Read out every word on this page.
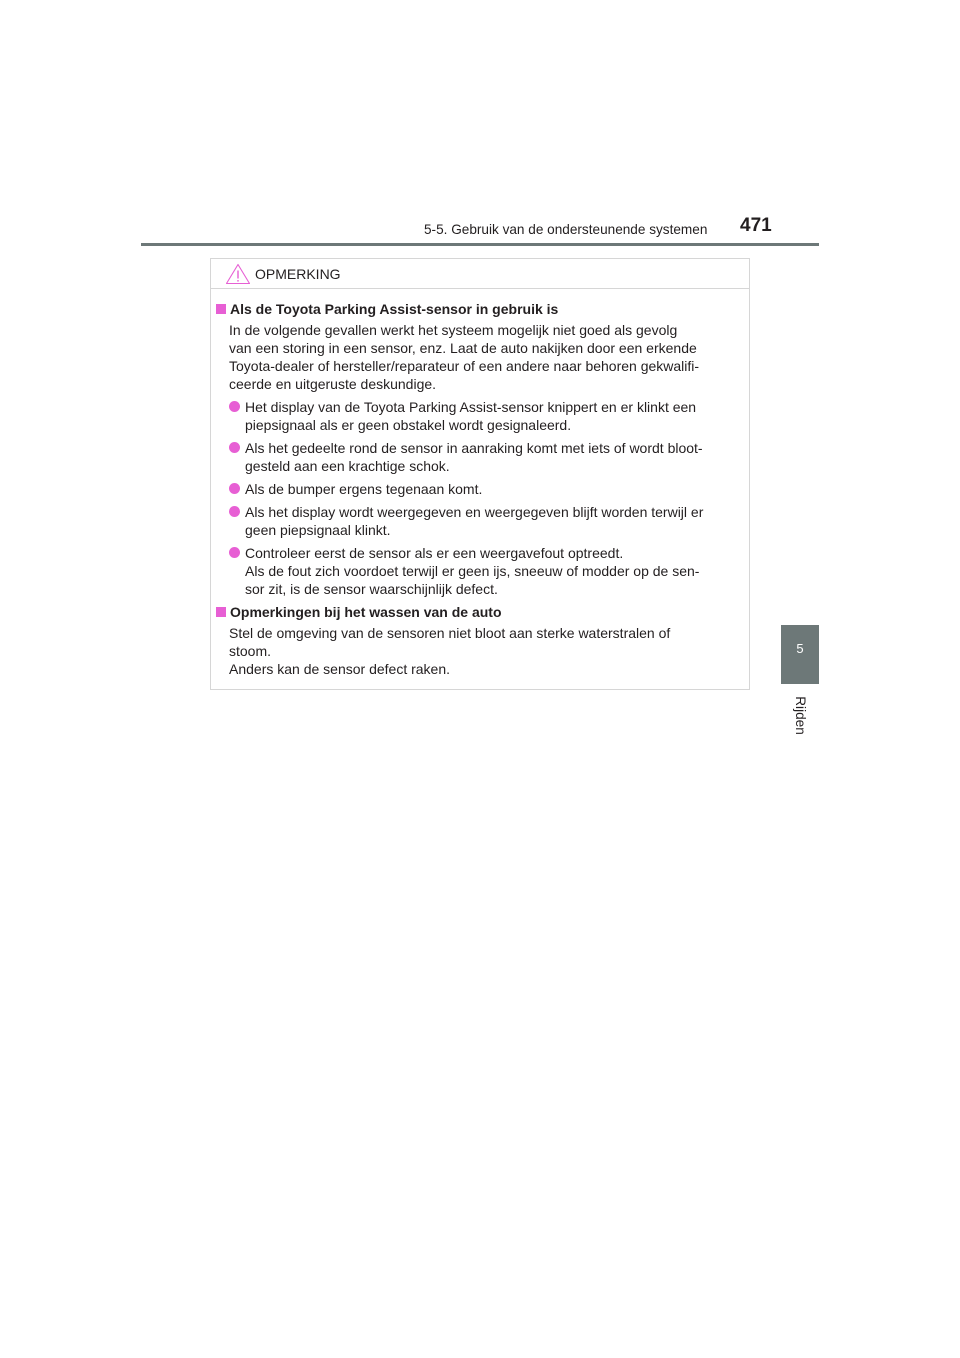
5-5. Gebruik van de ondersteunende systemen 471
5
Rijden
OPMERKING
Als de Toyota Parking Assist-sensor in gebruik is
In de volgende gevallen werkt het systeem mogelijk niet goed als gevolg
van een storing in een sensor, enz. Laat de auto nakijken door een erkende
Toyota-dealer of hersteller/reparateur of een andere naar behoren gekwalifi-
ceerde en uitgeruste deskundige.
Het display van de Toyota Parking Assist-sensor knippert en er klinkt een
piepsignaal als er geen obstakel wordt gesignaleerd.
Als het gedeelte rond de sensor in aanraking komt met iets of wordt bloot-
gesteld aan een krachtige schok.
Als de bumper ergens tegenaan komt.
Als het display wordt weergegeven en weergegeven blijft worden terwijl er
geen piepsignaal klinkt.
Controleer eerst de sensor als er een weergavefout optreedt.
Als de fout zich voordoet terwijl er geen ijs, sneeuw of modder op de sen-
sor zit, is de sensor waarschijnlijk defect.
Opmerkingen bij het wassen van de auto
Stel de omgeving van de sensoren niet bloot aan sterke waterstralen of
stoom.
Anders kan de sensor defect raken.
